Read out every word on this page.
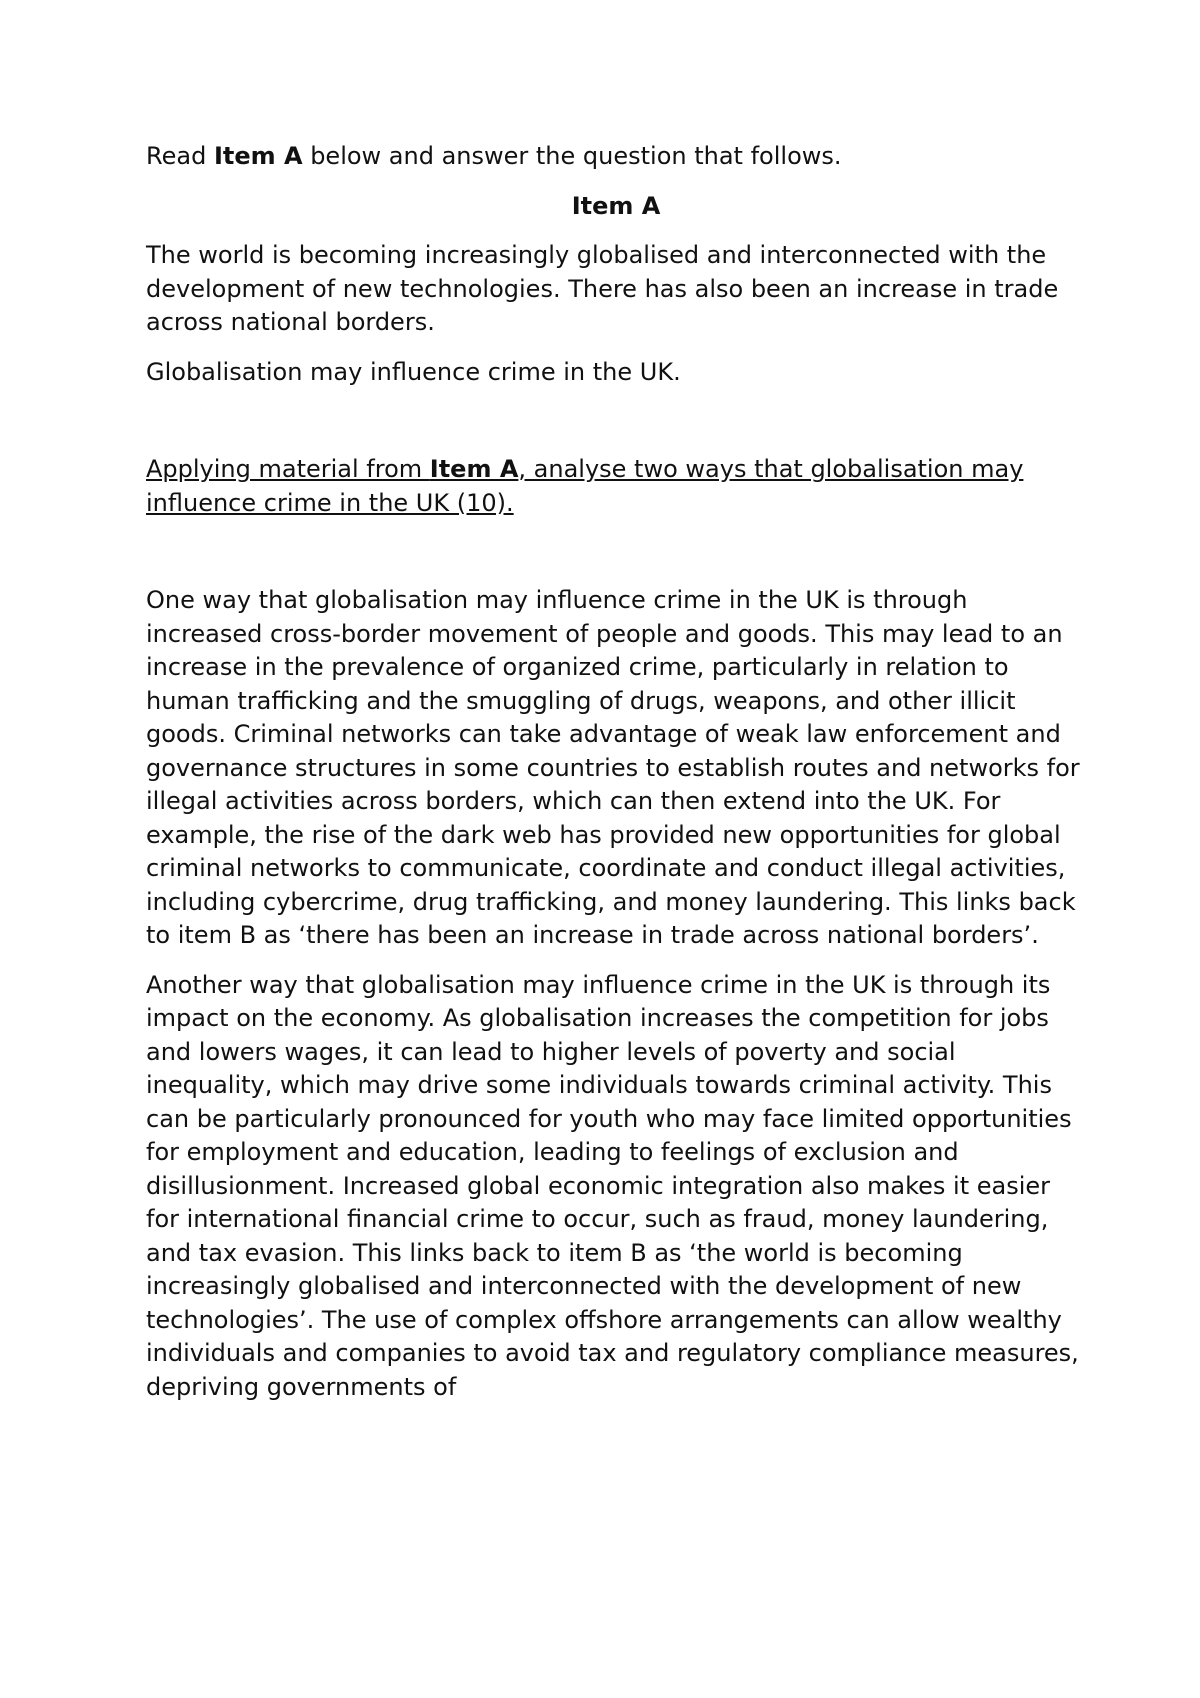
Read Item A below and answer the question that follows.

Item A

The world is becoming increasingly globalised and interconnected with the development of new technologies. There has also been an increase in trade across national borders.

Globalisation may influence crime in the UK.

Applying material from Item A, analyse two ways that globalisation may influence crime in the UK (10).

One way that globalisation may influence crime in the UK is through increased cross-border movement of people and goods. This may lead to an increase in the prevalence of organized crime, particularly in relation to human trafficking and the smuggling of drugs, weapons, and other illicit goods. Criminal networks can take advantage of weak law enforcement and governance structures in some countries to establish routes and networks for illegal activities across borders, which can then extend into the UK. For example, the rise of the dark web has provided new opportunities for global criminal networks to communicate, coordinate and conduct illegal activities, including cybercrime, drug trafficking, and money laundering. This links back to item B as ‘there has been an increase in trade across national borders’.

Another way that globalisation may influence crime in the UK is through its impact on the economy. As globalisation increases the competition for jobs and lowers wages, it can lead to higher levels of poverty and social inequality, which may drive some individuals towards criminal activity. This can be particularly pronounced for youth who may face limited opportunities for employment and education, leading to feelings of exclusion and disillusionment. Increased global economic integration also makes it easier for international financial crime to occur, such as fraud, money laundering, and tax evasion. This links back to item B as ‘the world is becoming increasingly globalised and interconnected with the development of new technologies’. The use of complex offshore arrangements can allow wealthy individuals and companies to avoid tax and regulatory compliance measures, depriving governments of
